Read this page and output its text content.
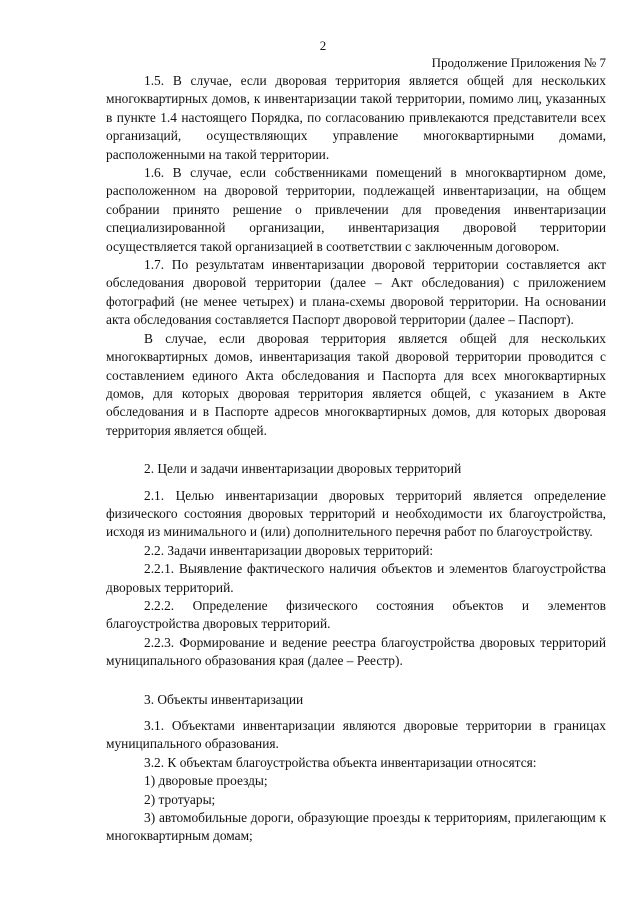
2
Продолжение Приложения № 7

1.5. В случае, если дворовая территория является общей для нескольких многоквартирных домов, к инвентаризации такой территории, помимо лиц, указанных в пункте 1.4 настоящего Порядка, по согласованию привлекаются представители всех организаций, осуществляющих управление многоквартирными домами, расположенными на такой территории.

1.6. В случае, если собственниками помещений в многоквартирном доме, расположенном на дворовой территории, подлежащей инвентаризации, на общем собрании принято решение о привлечении для проведения инвентаризации специализированной организации, инвентаризация дворовой территории осуществляется такой организацией в соответствии с заключенным договором.

1.7. По результатам инвентаризации дворовой территории составляется акт обследования дворовой территории (далее – Акт обследования) с приложением фотографий (не менее четырех) и плана-схемы дворовой территории. На основании акта обследования составляется Паспорт дворовой территории (далее – Паспорт).

В случае, если дворовая территория является общей для нескольких многоквартирных домов, инвентаризация такой дворовой территории проводится с составлением единого Акта обследования и Паспорта для всех многоквартирных домов, для которых дворовая территория является общей, с указанием в Акте обследования и в Паспорте адресов многоквартирных домов, для которых дворовая территория является общей.

2. Цели и задачи инвентаризации дворовых территорий

2.1. Целью инвентаризации дворовых территорий является определение физического состояния дворовых территорий и необходимости их благоустройства, исходя из минимального и (или) дополнительного перечня работ по благоустройству.

2.2. Задачи инвентаризации дворовых территорий:

2.2.1. Выявление фактического наличия объектов и элементов благоустройства дворовых территорий.

2.2.2. Определение физического состояния объектов и элементов благоустройства дворовых территорий.

2.2.3. Формирование и ведение реестра благоустройства дворовых территорий муниципального образования края (далее – Реестр).

3. Объекты инвентаризации

3.1. Объектами инвентаризации являются дворовые территории в границах муниципального образования.

3.2. К объектам благоустройства объекта инвентаризации относятся:

1) дворовые проезды;

2) тротуары;

3) автомобильные дороги, образующие проезды к территориям, прилегающим к многоквартирным домам;
